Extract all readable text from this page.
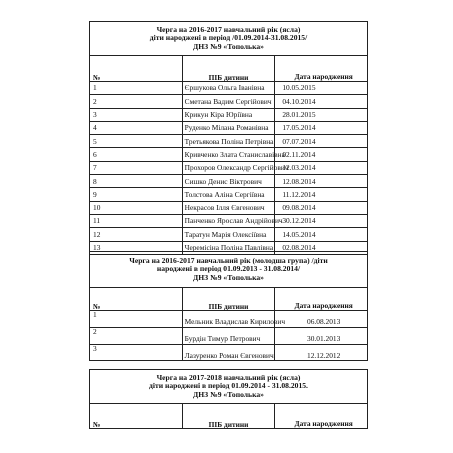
Черга на 2016-2017 навчальний рік (ясла)
діти народжені в період /01.09.2014-31.08.2015/
ДНЗ №9 «Тополька»		

№	ПІБ дитини	Дата народження
1	Єршукова Ольга Іванівна	10.05.2015
2	Сметана Вадим Сергійович	04.10.2014
3	Крикун Кіра Юріївна	28.01.2015
4	Руденко Мілана Романівна	17.05.2014
5	Третьякова Поліна Петрівна	07.07.2014
6	Кривченко Злата Станиславівна	02.11.2014
7	Прохоров Олександр Сергійович	12.03.2014
8	Сишко Денис Віктрович	12.08.2014
9	Толстова Аліна Сергіївна	11.12.2014
10	Некрасов Ілля Євгенович	09.08.2014
11	Панченко Ярослав Андрійович	30.12.2014
12	Таратун Марія Олексіївна	14.05.2014
13	Черемісіна Поліна Павлівна	02.08.2014
Черга на 2016-2017 навчальний рік (молодша група) /діти
народжені в період 01.09.2013 - 31.08.2014/
ДНЗ №9 «Тополька»		

№	ПІБ дитини	Дата народження
1	Мельник Владислав Кирилович	06.08.2013
2	Бурдін Тимур Петрович	30.01.2013
3	Лазуренко Роман Євгенович	12.12.2012
Черга на 2017-2018 навчальний рік (ясла)
діти народжені в період 01.09.2014 - 31.08.2015.
ДНЗ №9 «Тополька»

№	ПІБ дитини	Дата народження
